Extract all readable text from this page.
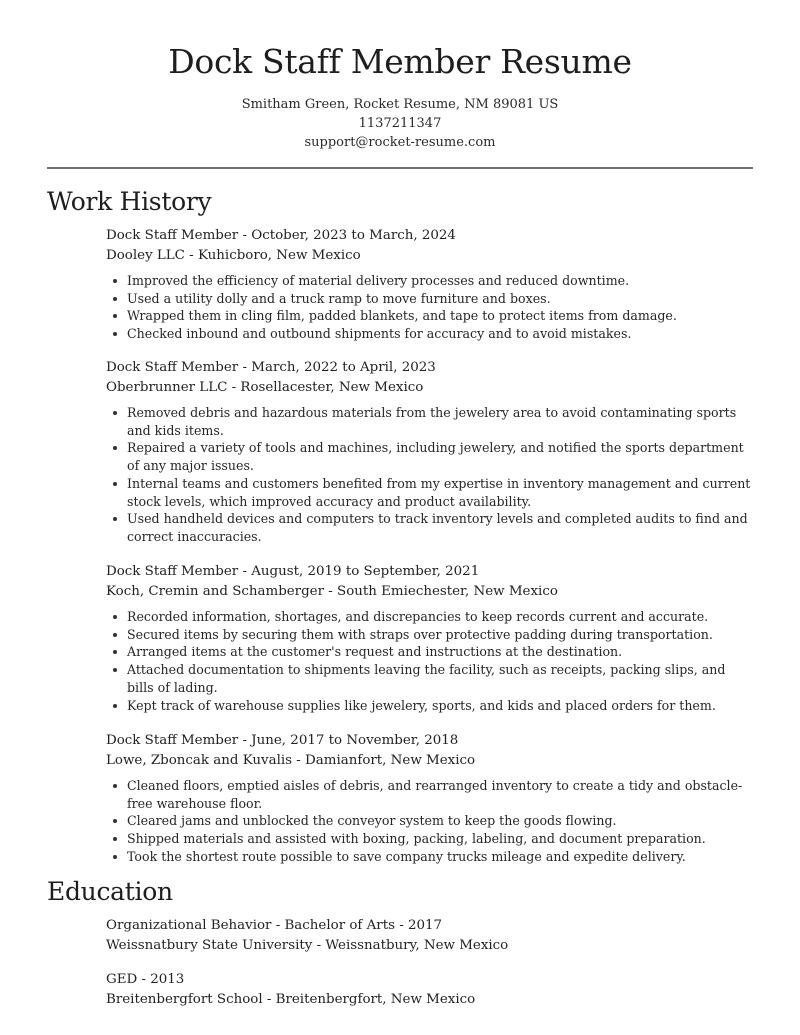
Dock Staff Member Resume
Smitham Green, Rocket Resume, NM 89081 US
1137211347
support@rocket-resume.com
Work History
Dock Staff Member - October, 2023 to March, 2024
Dooley LLC - Kuhicboro, New Mexico
Improved the efficiency of material delivery processes and reduced downtime.
Used a utility dolly and a truck ramp to move furniture and boxes.
Wrapped them in cling film, padded blankets, and tape to protect items from damage.
Checked inbound and outbound shipments for accuracy and to avoid mistakes.
Dock Staff Member - March, 2022 to April, 2023
Oberbrunner LLC - Rosellacester, New Mexico
Removed debris and hazardous materials from the jewelery area to avoid contaminating sports and kids items.
Repaired a variety of tools and machines, including jewelery, and notified the sports department of any major issues.
Internal teams and customers benefited from my expertise in inventory management and current stock levels, which improved accuracy and product availability.
Used handheld devices and computers to track inventory levels and completed audits to find and correct inaccuracies.
Dock Staff Member - August, 2019 to September, 2021
Koch, Cremin and Schamberger - South Emiechester, New Mexico
Recorded information, shortages, and discrepancies to keep records current and accurate.
Secured items by securing them with straps over protective padding during transportation.
Arranged items at the customer's request and instructions at the destination.
Attached documentation to shipments leaving the facility, such as receipts, packing slips, and bills of lading.
Kept track of warehouse supplies like jewelery, sports, and kids and placed orders for them.
Dock Staff Member - June, 2017 to November, 2018
Lowe, Zboncak and Kuvalis - Damianfort, New Mexico
Cleaned floors, emptied aisles of debris, and rearranged inventory to create a tidy and obstacle-free warehouse floor.
Cleared jams and unblocked the conveyor system to keep the goods flowing.
Shipped materials and assisted with boxing, packing, labeling, and document preparation.
Took the shortest route possible to save company trucks mileage and expedite delivery.
Education
Organizational Behavior - Bachelor of Arts - 2017
Weissnatbury State University - Weissnatbury, New Mexico
GED - 2013
Breitenbergfort School - Breitenbergfort, New Mexico
